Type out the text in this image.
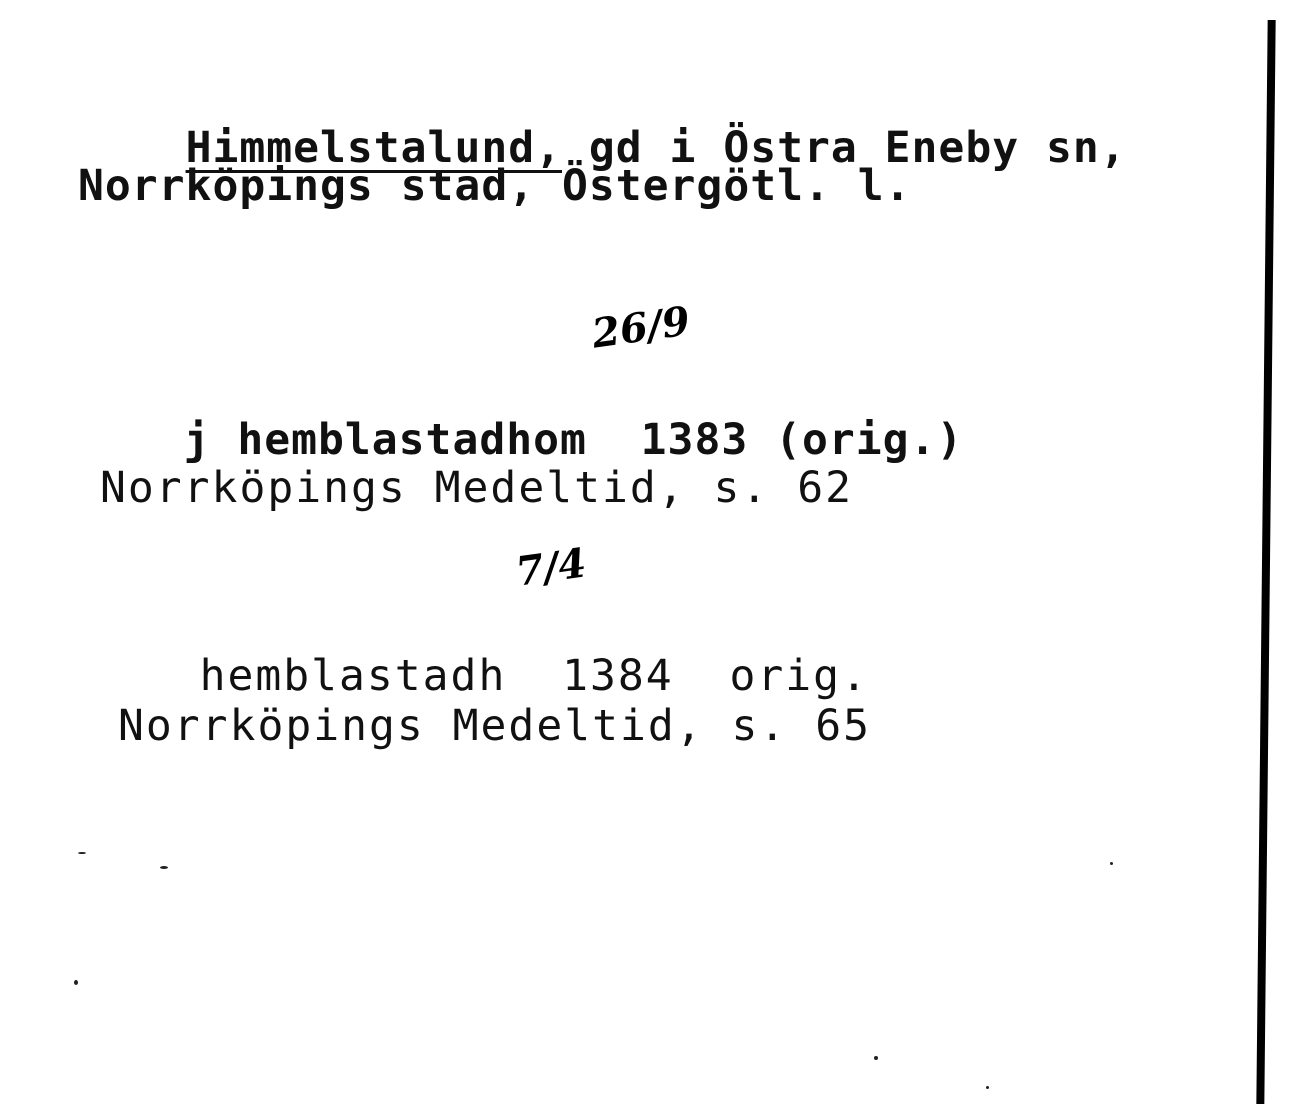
Himmelstalund, gd i Östra Eneby sn,

Norrköpings stad, Östergötl. l.
26/9

j hemblastadhom 1383 (orig.)

Norrköpings Medeltid, s. 62
7/4

hemblastadh 1384 orig.

Norrköpings Medeltid, s. 65
